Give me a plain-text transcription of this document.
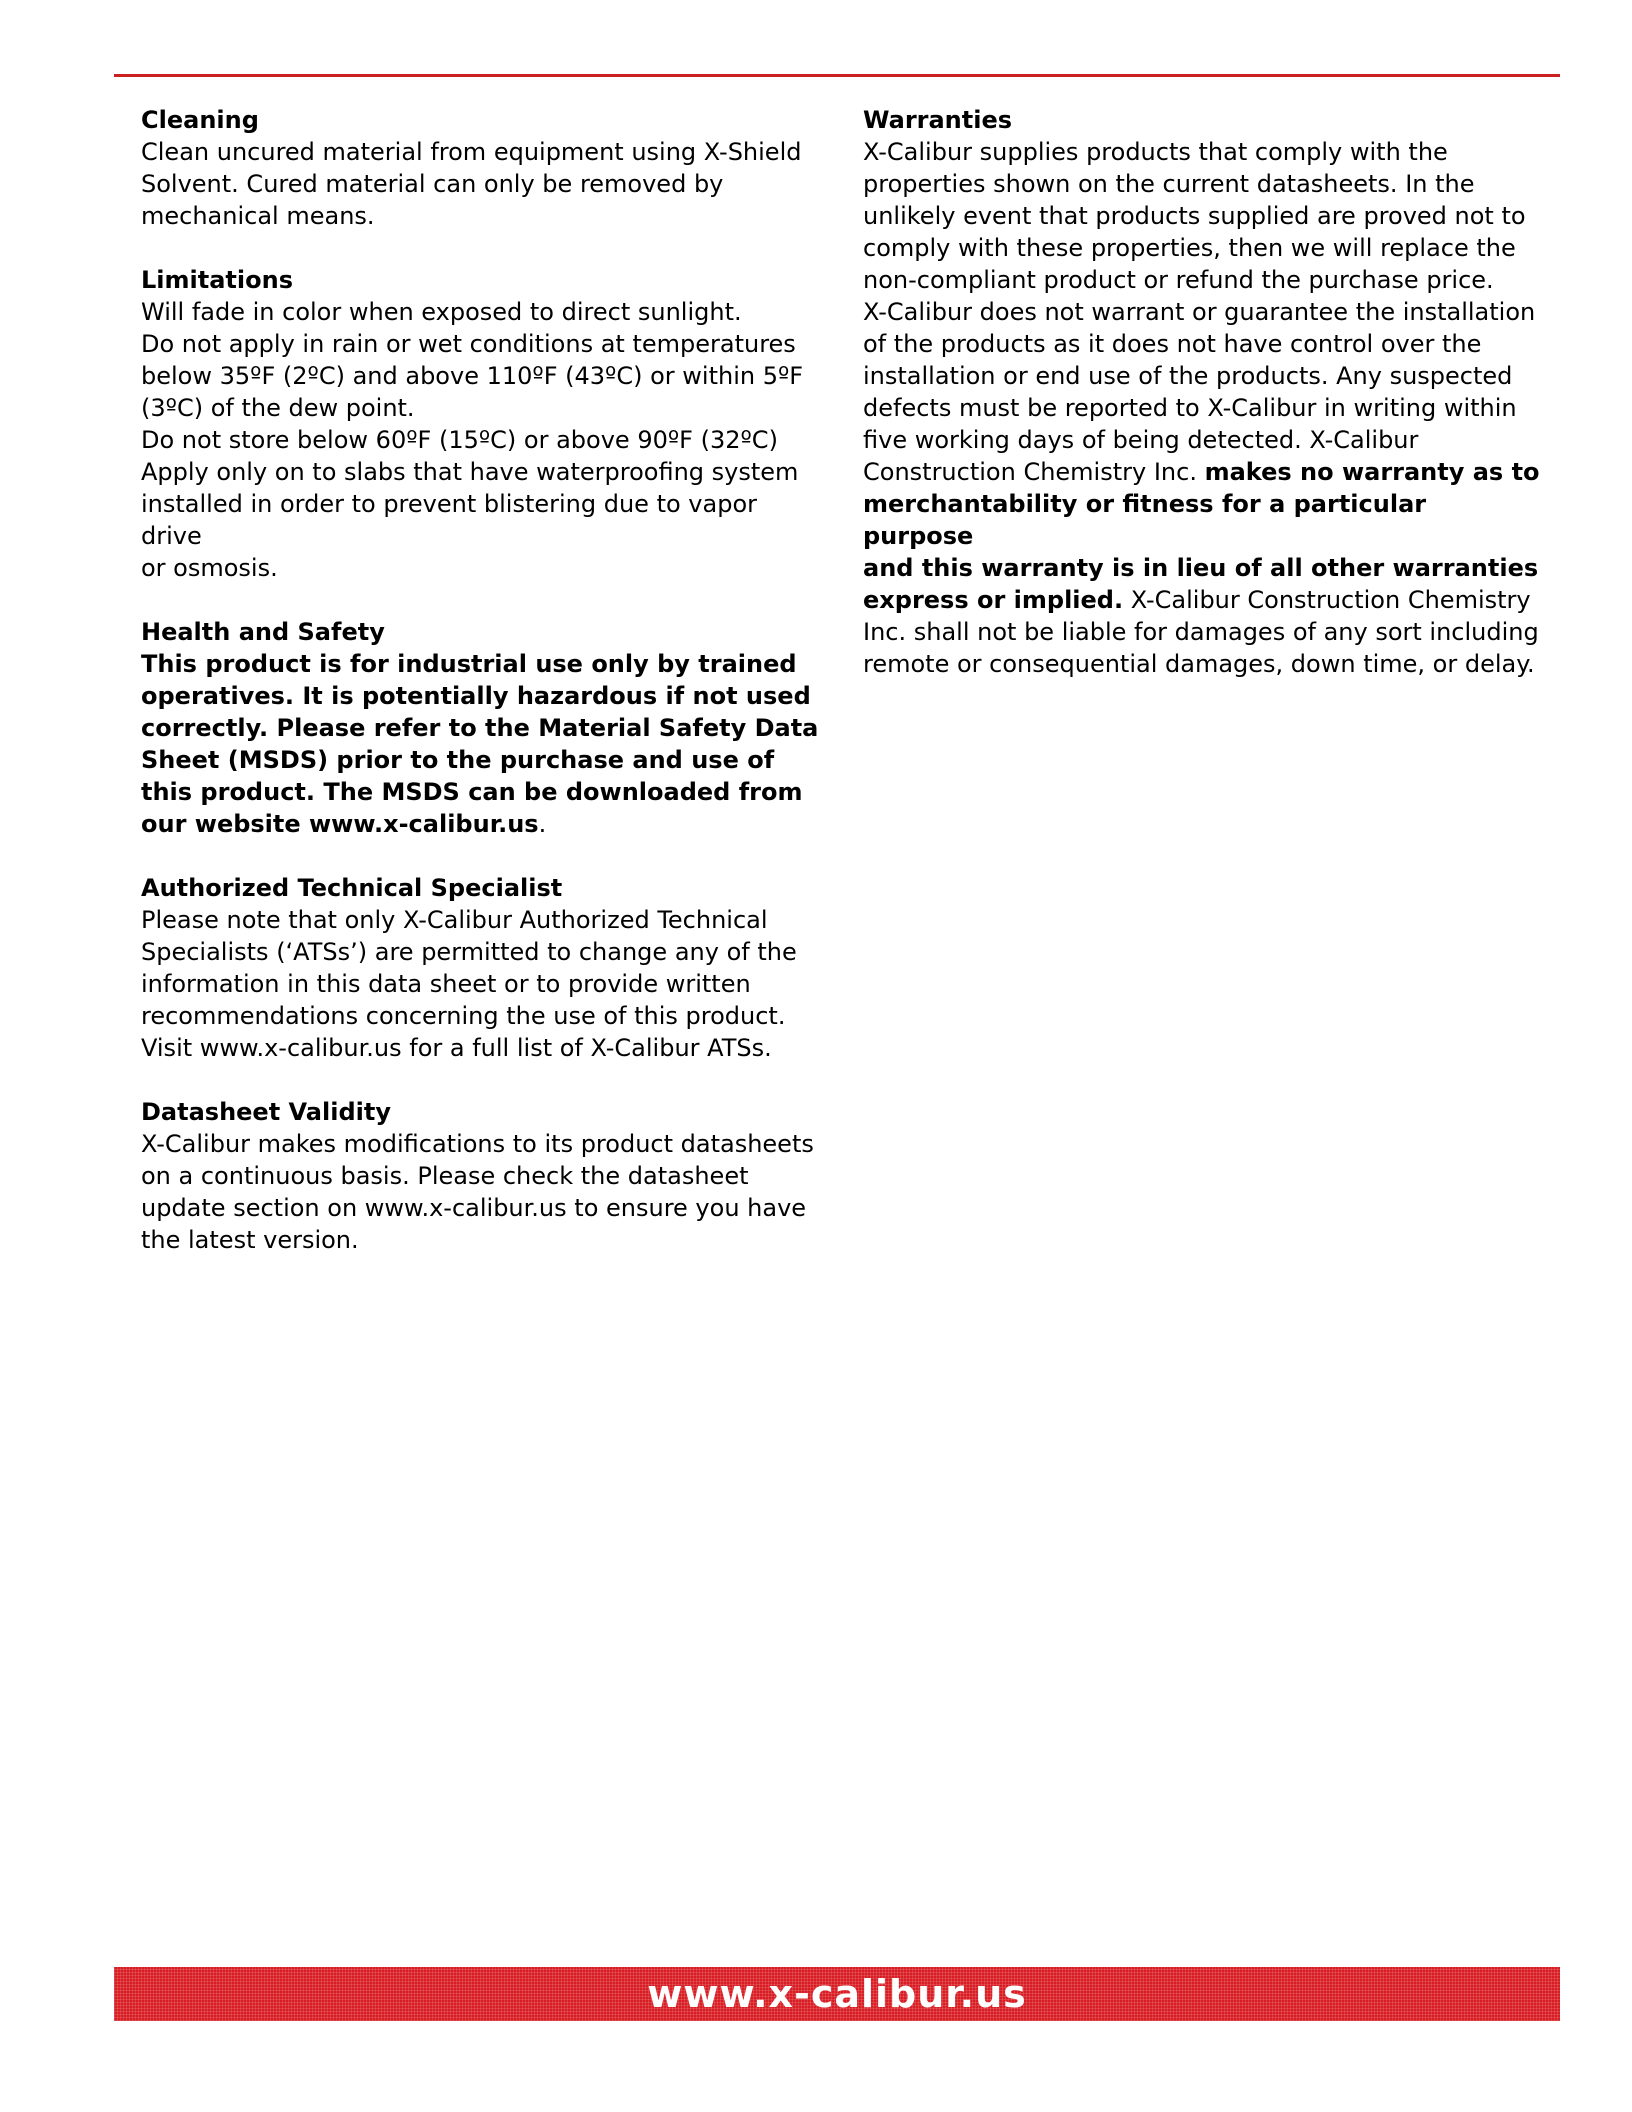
Cleaning
Clean uncured material from equipment using X-Shield
Solvent. Cured material can only be removed by
mechanical means.
Limitations
Will fade in color when exposed to direct sunlight.
Do not apply in rain or wet conditions at temperatures
below 35ºF (2ºC) and above 110ºF (43ºC) or within 5ºF
(3ºC) of the dew point.
Do not store below 60ºF (15ºC) or above 90ºF (32ºC)
Apply only on to slabs that have waterproofing system
installed in order to prevent blistering due to vapor drive
or osmosis.
Health and Safety
This product is for industrial use only by trained
operatives. It is potentially hazardous if not used
correctly. Please refer to the Material Safety Data
Sheet (MSDS) prior to the purchase and use of
this product. The MSDS can be downloaded from
our website www.x-calibur.us.
Authorized Technical Specialist
Please note that only X-Calibur Authorized Technical
Specialists (‘ATSs’) are permitted to change any of the
information in this data sheet or to provide written
recommendations concerning the use of this product.
Visit www.x-calibur.us for a full list of X-Calibur ATSs.
Datasheet Validity
X-Calibur makes modifications to its product datasheets
on a continuous basis. Please check the datasheet
update section on www.x-calibur.us to ensure you have
the latest version.
Warranties
X-Calibur supplies products that comply with the
properties shown on the current datasheets. In the
unlikely event that products supplied are proved not to
comply with these properties, then we will replace the
non-compliant product or refund the purchase price.
X-Calibur does not warrant or guarantee the installation
of the products as it does not have control over the
installation or end use of the products. Any suspected
defects must be reported to X-Calibur in writing within
five working days of being detected. X-Calibur
Construction Chemistry Inc. makes no warranty as to
merchantability or fitness for a particular purpose
and this warranty is in lieu of all other warranties
express or implied. X-Calibur Construction Chemistry
Inc. shall not be liable for damages of any sort including
remote or consequential damages, down time, or delay.
www.x-calibur.us
